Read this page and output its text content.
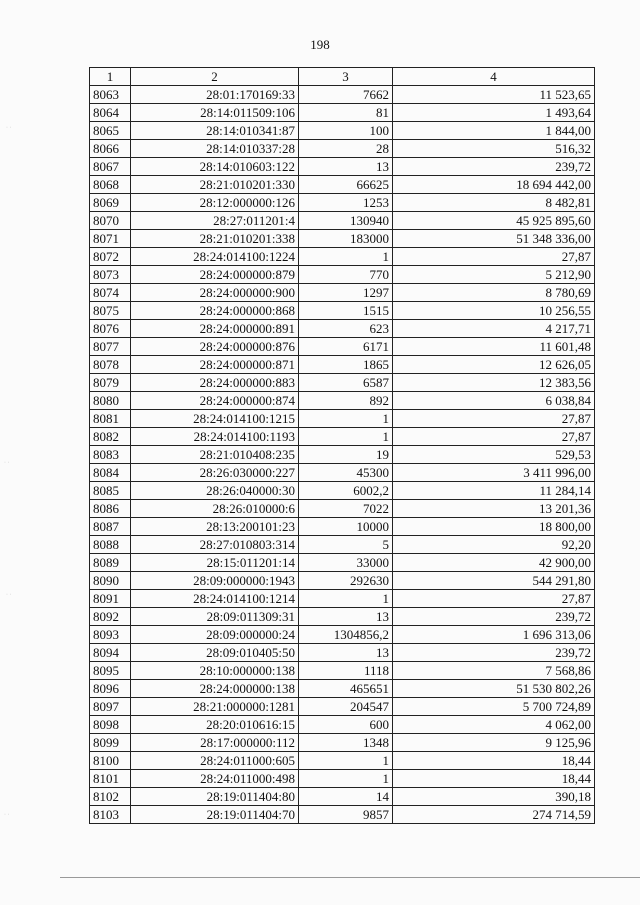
198
1	2	3	4
8063	28:01:170169:33	7662	11 523,65
8064	28:14:011509:106	81	1 493,64
8065	28:14:010341:87	100	1 844,00
8066	28:14:010337:28	28	516,32
8067	28:14:010603:122	13	239,72
8068	28:21:010201:330	66625	18 694 442,00
8069	28:12:000000:126	1253	8 482,81
8070	28:27:011201:4	130940	45 925 895,60
8071	28:21:010201:338	183000	51 348 336,00
8072	28:24:014100:1224	1	27,87
8073	28:24:000000:879	770	5 212,90
8074	28:24:000000:900	1297	8 780,69
8075	28:24:000000:868	1515	10 256,55
8076	28:24:000000:891	623	4 217,71
8077	28:24:000000:876	6171	11 601,48
8078	28:24:000000:871	1865	12 626,05
8079	28:24:000000:883	6587	12 383,56
8080	28:24:000000:874	892	6 038,84
8081	28:24:014100:1215	1	27,87
8082	28:24:014100:1193	1	27,87
8083	28:21:010408:235	19	529,53
8084	28:26:030000:227	45300	3 411 996,00
8085	28:26:040000:30	6002,2	11 284,14
8086	28:26:010000:6	7022	13 201,36
8087	28:13:200101:23	10000	18 800,00
8088	28:27:010803:314	5	92,20
8089	28:15:011201:14	33000	42 900,00
8090	28:09:000000:1943	292630	544 291,80
8091	28:24:014100:1214	1	27,87
8092	28:09:011309:31	13	239,72
8093	28:09:000000:24	1304856,2	1 696 313,06
8094	28:09:010405:50	13	239,72
8095	28:10:000000:138	1118	7 568,86
8096	28:24:000000:138	465651	51 530 802,26
8097	28:21:000000:1281	204547	5 700 724,89
8098	28:20:010616:15	600	4 062,00
8099	28:17:000000:112	1348	9 125,96
8100	28:24:011000:605	1	18,44
8101	28:24:011000:498	1	18,44
8102	28:19:011404:80	14	390,18
8103	28:19:011404:70	9857	274 714,59
· ·
· ·
· ·
· ·
